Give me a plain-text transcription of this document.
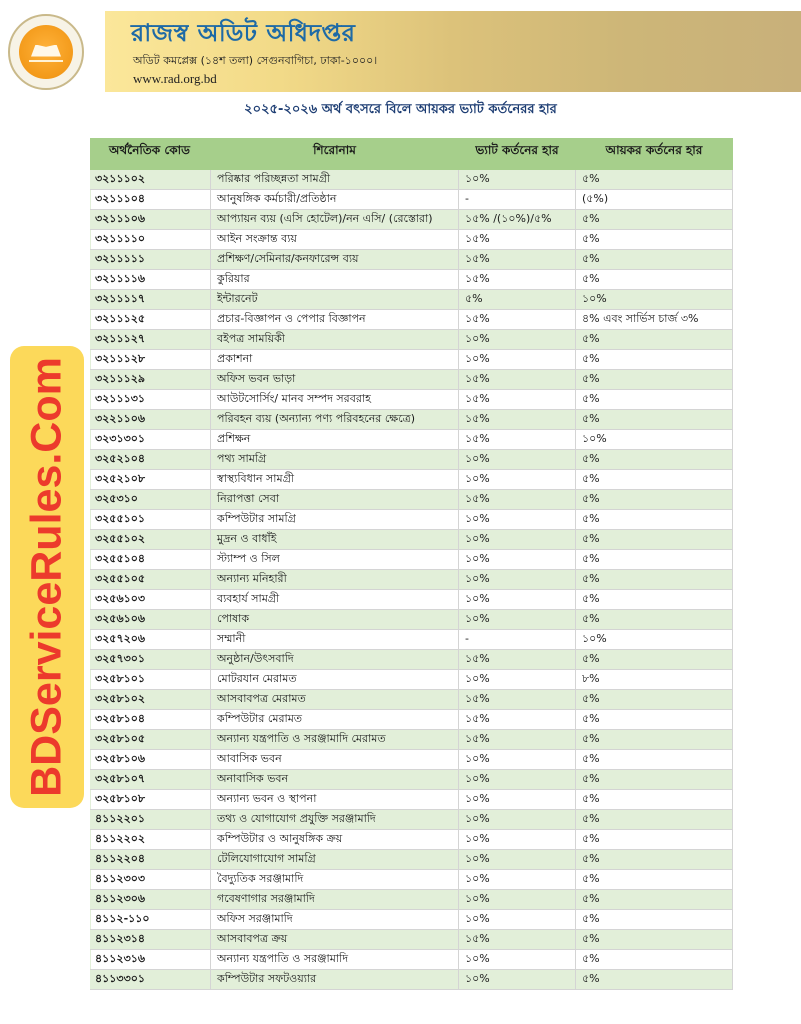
রাজস্ব অডিট অধিদপ্তর
অডিট কমপ্লেক্স (১৪শ তলা) সেগুনবাগিচা, ঢাকা-১০০০।
www.rad.org.bd
২০২৫-২০২৬ অর্থ বৎসরে বিলে আয়কর ভ্যাট কর্তনেরর হার
BDServiceRules.Com
অর্থনৈতিক কোড	শিরোনাম	ভ্যাট কর্তনের হার	আয়কর কর্তনের হার
৩২১১১০২	পরিষ্কার পরিচ্ছন্নতা সামগ্রী	১০%	৫%
৩২১১১০৪	আনুষঙ্গিক কর্মচারী/প্রতিষ্ঠান	-	(৫%)
৩২১১১০৬	আপ্যায়ন ব্যয় (এসি হোটেল)/নন এসি/ (রেস্তোরা)	১৫% /(১০%)/৫%	৫%
৩২১১১১০	আইন সংক্রান্ত ব্যয়	১৫%	৫%
৩২১১১১১	প্রশিক্ষণ/সেমিনার/কনফারেন্স ব্যয়	১৫%	৫%
৩২১১১১৬	কুরিয়ার	১৫%	৫%
৩২১১১১৭	ইন্টারনেট	৫%	১০%
৩২১১১২৫	প্রচার-বিজ্ঞাপন ও পেপার বিজ্ঞাপন	১৫%	৪% এবং সার্ভিস চার্জ ৩%
৩২১১১২৭	বইপত্র সাময়িকী	১০%	৫%
৩২১১১২৮	প্রকাশনা	১০%	৫%
৩২১১১২৯	অফিস ভবন ভাড়া	১৫%	৫%
৩২১১১৩১	আউটসোর্সিং/ মানব সম্পদ সরবরাহ	১৫%	৫%
৩২২১১০৬	পরিবহন ব্যয় (অন্যান্য পণ্য পরিবহনের ক্ষেত্রে)	১৫%	৫%
৩২৩১৩০১	প্রশিক্ষন	১৫%	১০%
৩২৫২১০৪	পথ্য সামগ্রি	১০%	৫%
৩২৫২১০৮	স্বাস্থ্যবিধান সামগ্রী	১০%	৫%
৩২৫৩১০	নিরাপত্তা সেবা	১৫%	৫%
৩২৫৫১০১	কম্পিউটার সামগ্রি	১০%	৫%
৩২৫৫১০২	মুদ্রন ও বাধাঁই	১০%	৫%
৩২৫৫১০৪	স্ট্যাম্প ও সিল	১০%	৫%
৩২৫৫১০৫	অন্যান্য মনিহারী	১০%	৫%
৩২৫৬১০৩	ব্যবহার্য সামগ্রী	১০%	৫%
৩২৫৬১০৬	পোষাক	১০%	৫%
৩২৫৭২০৬	সম্মানী	-	১০%
৩২৫৭৩০১	অনুষ্ঠান/উৎসবাদি	১৫%	৫%
৩২৫৮১০১	মোটরযান মেরামত	১০%	৮%
৩২৫৮১০২	আসবাবপত্র মেরামত	১৫%	৫%
৩২৫৮১০৪	কম্পিউটার মেরামত	১৫%	৫%
৩২৫৮১০৫	অন্যান্য যন্ত্রপাতি ও সরঞ্জামাদি মেরামত	১৫%	৫%
৩২৫৮১০৬	আবাসিক ভবন	১০%	৫%
৩২৫৮১০৭	অনাবাসিক ভবন	১০%	৫%
৩২৫৮১০৮	অন্যান্য ভবন ও স্থাপনা	১০%	৫%
৪১১২২০১	তথ্য ও যোগাযোগ প্রযুক্তি সরঞ্জামাদি	১০%	৫%
৪১১২২০২	কম্পিউটার ও আনুষঙ্গিক ক্রয়	১০%	৫%
৪১১২২০৪	টেলিযোগাযোগ সামগ্রি	১০%	৫%
৪১১২৩০৩	বৈদ্যুতিক সরঞ্জামাদি	১০%	৫%
৪১১২৩০৬	গবেষণাগার সরঞ্জামাদি	১০%	৫%
৪১১২-১১০	অফিস সরঞ্জামাদি	১০%	৫%
৪১১২৩১৪	আসবাবপত্র ক্রয়	১৫%	৫%
৪১১২৩১৬	অন্যান্য যন্ত্রপাতি ও সরঞ্জামাদি	১০%	৫%
৪১১৩৩০১	কম্পিউটার সফটওয়্যার	১০%	৫%
